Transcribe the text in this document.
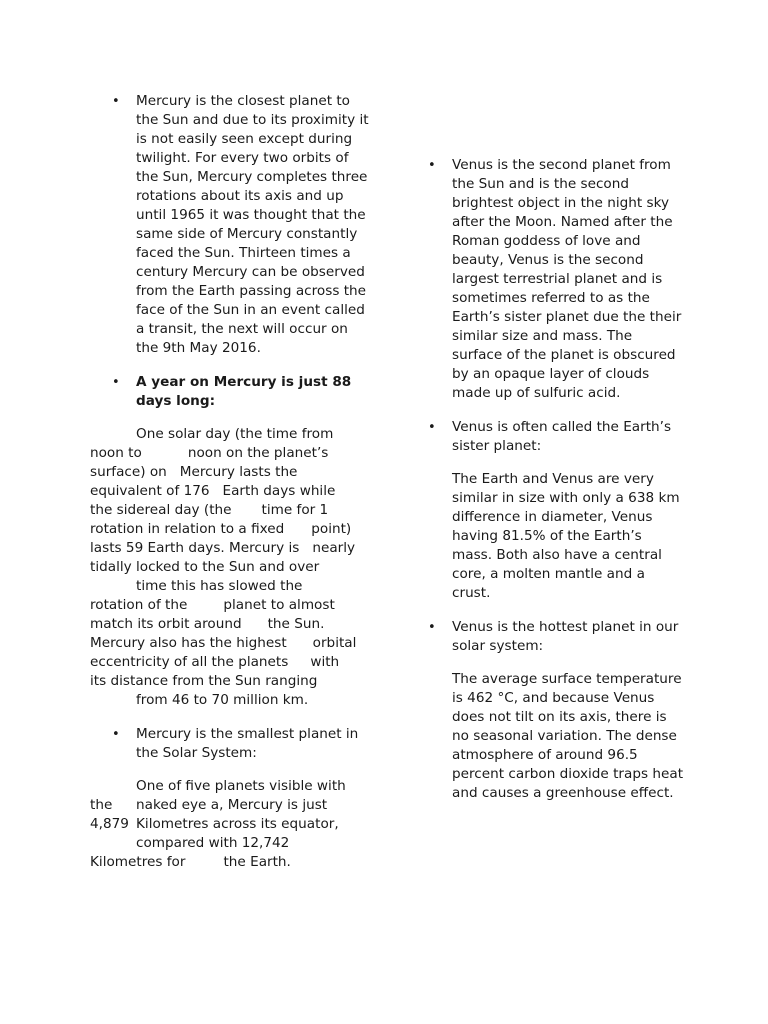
• Mercury is the closest planet to the Sun and due to its proximity it is not easily seen except during twilight. For every two orbits of the Sun, Mercury completes three rotations about its axis and up until 1965 it was thought that the same side of Mercury constantly faced the Sun. Thirteen times a century Mercury can be observed from the Earth passing across the face of the Sun in an event called a transit, the next will occur on the 9th May 2016.

• A year on Mercury is just 88 days long:

One solar day (the time from
noon to	noon on the planet’s
surface) on Mercury lasts the
equivalent of 176 Earth days while
the sidereal day (the time for 1
rotation in relation to a fixed point)
lasts 59 Earth days. Mercury is nearly
tidally locked to the Sun and over
time this has slowed the
rotation of the	planet to almost
match its orbit around the Sun.
Mercury also has the highest orbital
eccentricity of all the planets with
its distance from the Sun ranging
from 46 to 70 million km.
• Mercury is the smallest planet in the Solar System:

One of five planets visible with
the naked eye a, Mercury is just
4,879 Kilometres across its equator,
compared with 12,742
Kilometres for	the Earth.
• Venus is the second planet from the Sun and is the second brightest object in the night sky after the Moon. Named after the Roman goddess of love and beauty, Venus is the second largest terrestrial planet and is sometimes referred to as the Earth’s sister planet due the their similar size and mass. The surface of the planet is obscured by an opaque layer of clouds made up of sulfuric acid.

• Venus is often called the Earth’s sister planet:

The Earth and Venus are very similar in size with only a 638 km difference in diameter, Venus having 81.5% of the Earth’s mass. Both also have a central core, a molten mantle and a crust.

• Venus is the hottest planet in our solar system:

The average surface temperature is 462 °C, and because Venus does not tilt on its axis, there is no seasonal variation. The dense atmosphere of around 96.5 percent carbon dioxide traps heat and causes a greenhouse effect.
